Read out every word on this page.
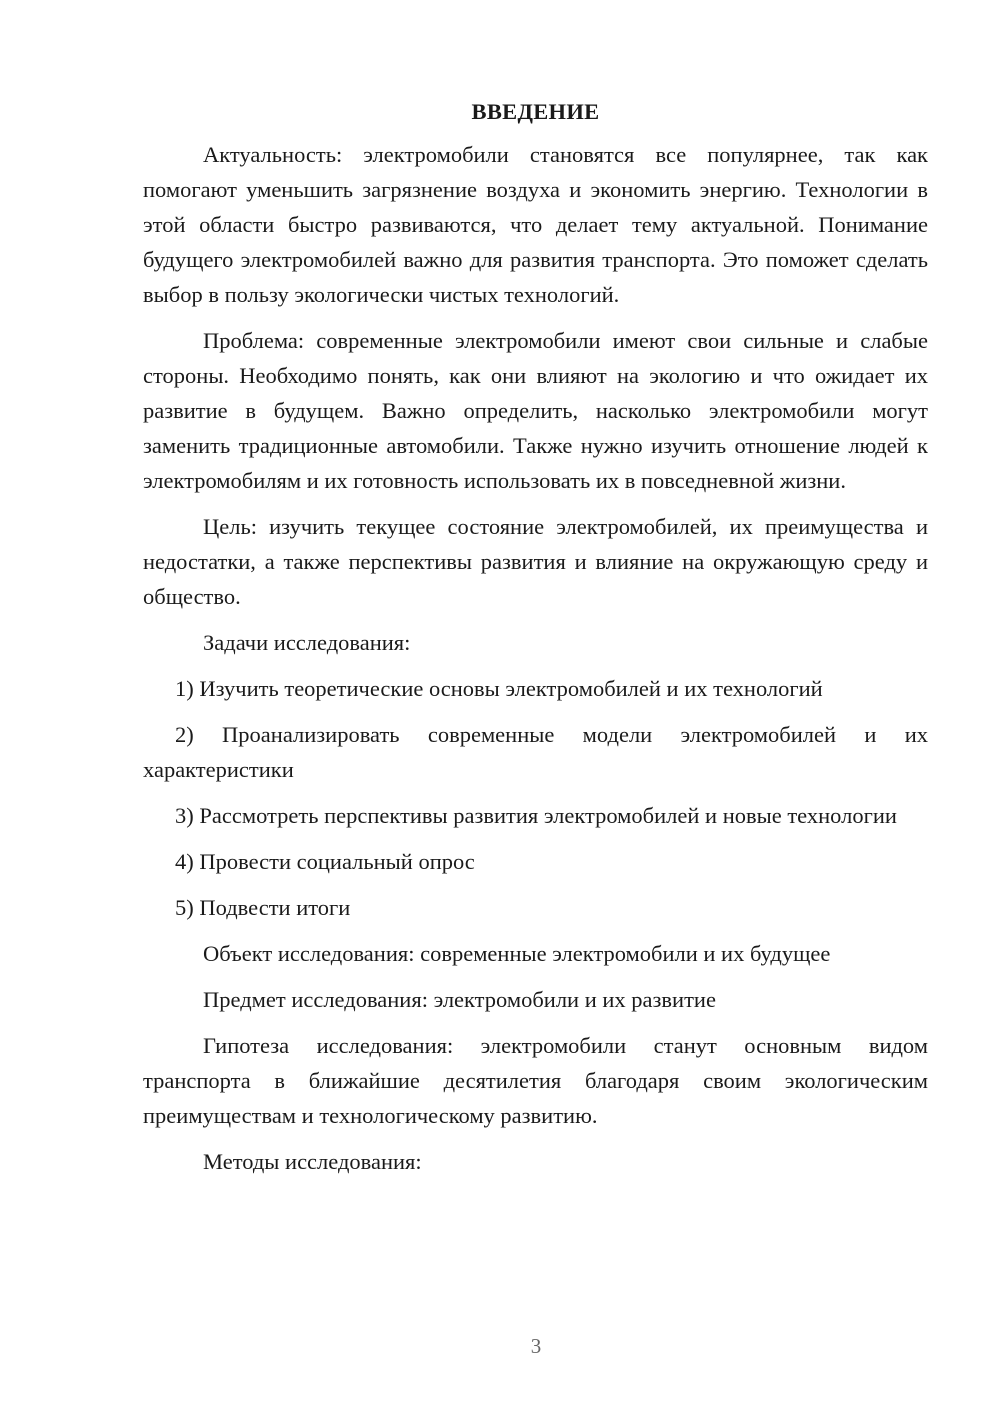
ВВЕДЕНИЕ

Актуальность: электромобили становятся все популярнее, так как помогают уменьшить загрязнение воздуха и экономить энергию. Технологии в этой области быстро развиваются, что делает тему актуальной. Понимание будущего электромобилей важно для развития транспорта. Это поможет сделать выбор в пользу экологически чистых технологий.

Проблема: современные электромобили имеют свои сильные и слабые стороны. Необходимо понять, как они влияют на экологию и что ожидает их развитие в будущем. Важно определить, насколько электромобили могут заменить традиционные автомобили. Также нужно изучить отношение людей к электромобилям и их готовность использовать их в повседневной жизни.

Цель: изучить текущее состояние электромобилей, их преимущества и недостатки, а также перспективы развития и влияние на окружающую среду и общество.

Задачи исследования:

1) Изучить теоретические основы электромобилей и их технологий

2) Проанализировать современные модели электромобилей и их характеристики

3) Рассмотреть перспективы развития электромобилей и новые технологии

4) Провести социальный опрос

5) Подвести итоги

Объект исследования: современные электромобили и их будущее

Предмет исследования: электромобили и их развитие

Гипотеза исследования: электромобили станут основным видом транспорта в ближайшие десятилетия благодаря своим экологическим преимуществам и технологическому развитию.

Методы исследования:

3
